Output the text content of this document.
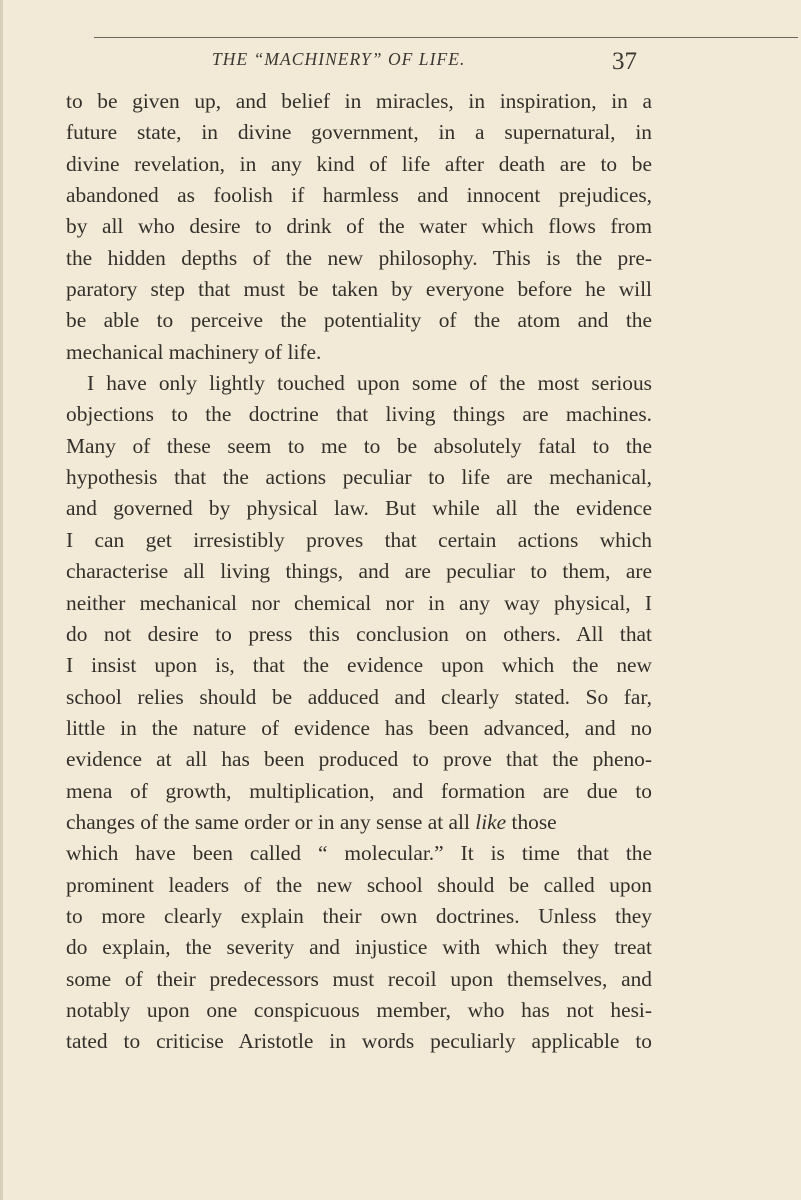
THE “MACHINERY” OF LIFE.	37
to be given up, and belief in miracles, in inspiration, in a
future state, in divine government, in a supernatural, in
divine revelation, in any kind of life after death are to be
abandoned as foolish if harmless and innocent prejudices,
by all who desire to drink of the water which flows from
the hidden depths of the new philosophy. This is the pre-
paratory step that must be taken by everyone before he will
be able to perceive the potentiality of the atom and the
mechanical machinery of life.
I have only lightly touched upon some of the most serious
objections to the doctrine that living things are machines.
Many of these seem to me to be absolutely fatal to the
hypothesis that the actions peculiar to life are mechanical,
and governed by physical law. But while all the evidence
I can get irresistibly proves that certain actions which
characterise all living things, and are peculiar to them, are
neither mechanical nor chemical nor in any way physical, I
do not desire to press this conclusion on others. All that
I insist upon is, that the evidence upon which the new
school relies should be adduced and clearly stated. So far,
little in the nature of evidence has been advanced, and no
evidence at all has been produced to prove that the pheno-
mena of growth, multiplication, and formation are due to
changes of the same order or in any sense at all like those
which have been called “ molecular.” It is time that the
prominent leaders of the new school should be called upon
to more clearly explain their own doctrines. Unless they
do explain, the severity and injustice with which they treat
some of their predecessors must recoil upon themselves, and
notably upon one conspicuous member, who has not hesi-
tated to criticise Aristotle in words peculiarly applicable to
